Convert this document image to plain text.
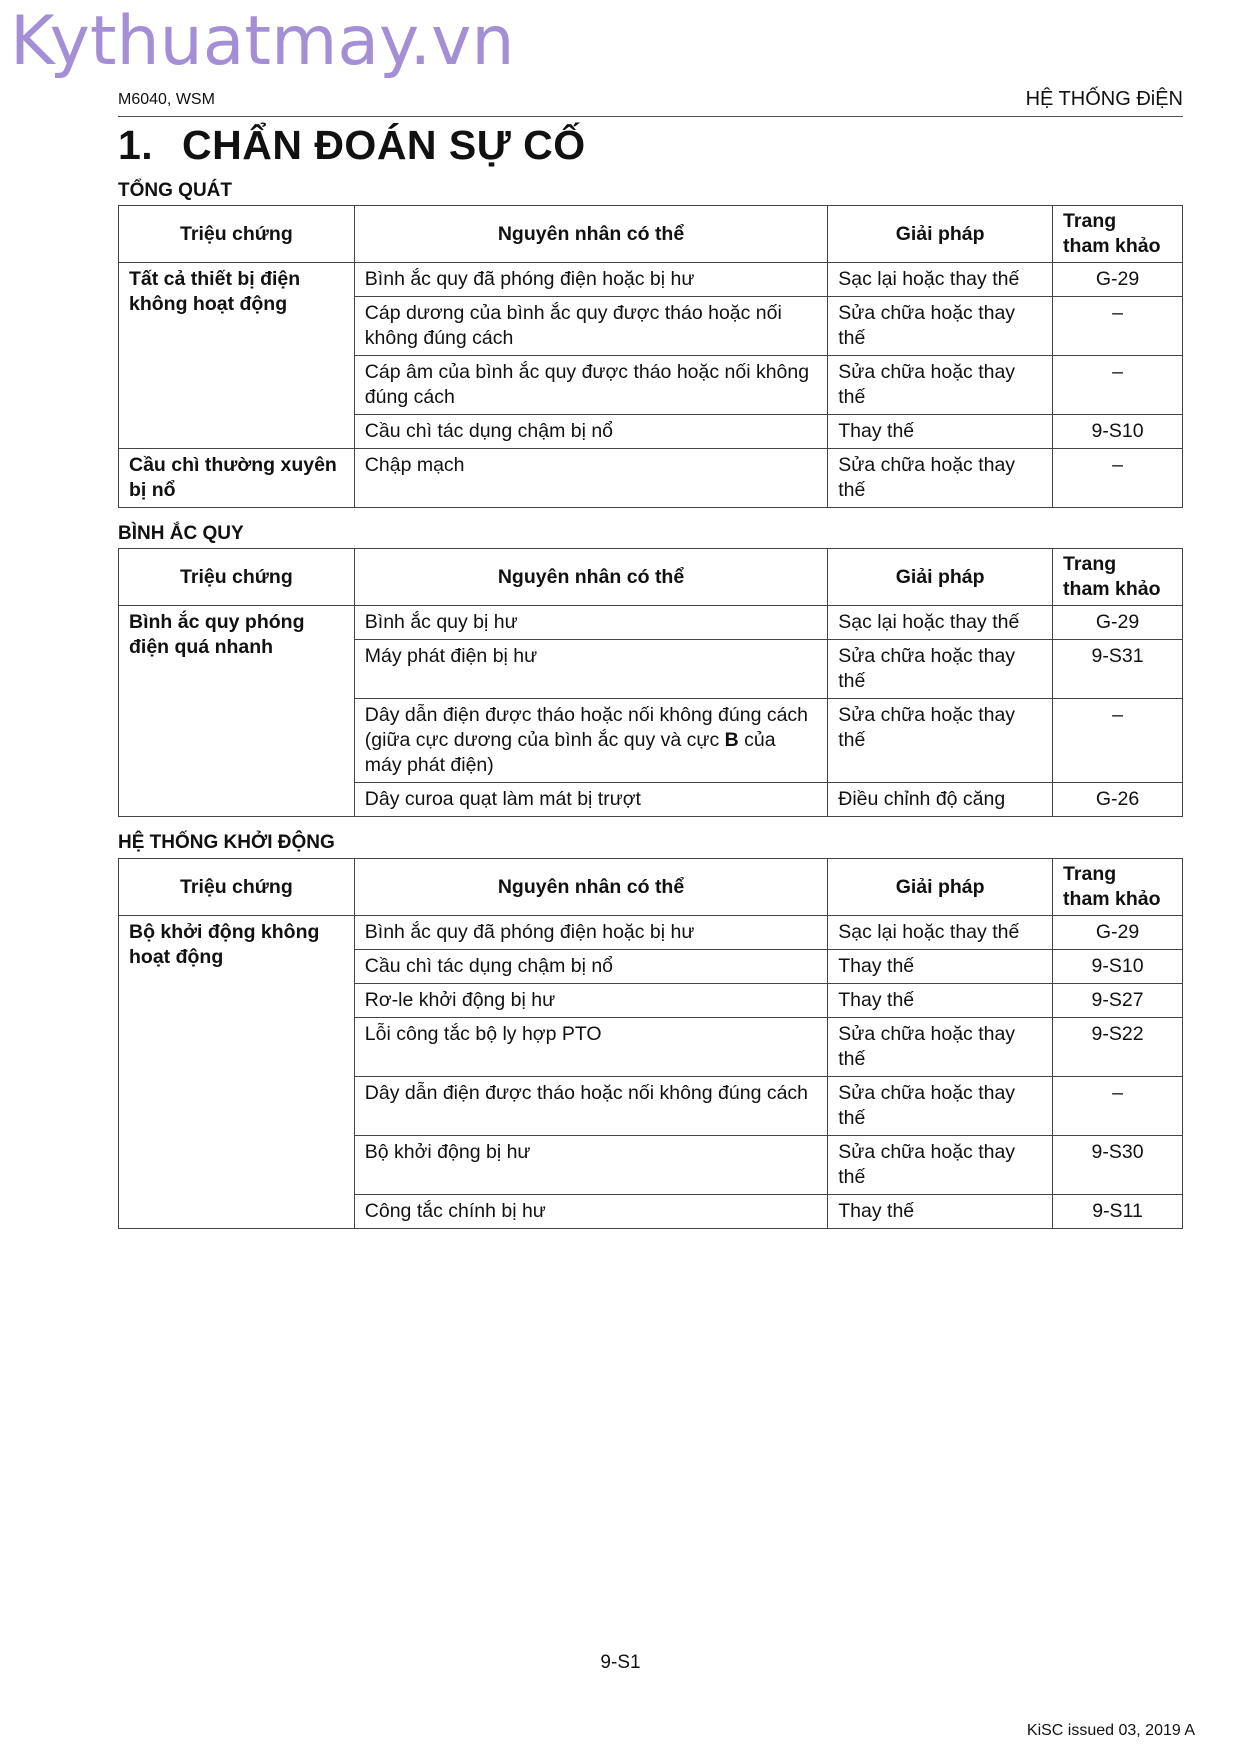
Kythuatmay.vn
M6040, WSM	HỆ THỐNG ĐiỆN
1. CHẨN ĐOÁN SỰ CỐ
TỔNG QUÁT
Triệu chứng	Nguyên nhân có thể	Giải pháp	Trang
tham khảo
Tất cả thiết bị điện không hoạt động	Bình ắc quy đã phóng điện hoặc bị hư	Sạc lại hoặc thay thế	G-29
	Cáp dương của bình ắc quy được tháo hoặc nối không đúng cách	Sửa chữa hoặc thay thế	–
	Cáp âm của bình ắc quy được tháo hoặc nối không đúng cách	Sửa chữa hoặc thay thế	–
	Cầu chì tác dụng chậm bị nổ	Thay thế	9-S10
Cầu chì thường xuyên bị nổ	Chập mạch	Sửa chữa hoặc thay thế	–
BÌNH ẮC QUY
Triệu chứng	Nguyên nhân có thể	Giải pháp	Trang
tham khảo
Bình ắc quy phóng điện quá nhanh	Bình ắc quy bị hư	Sạc lại hoặc thay thế	G-29
	Máy phát điện bị hư	Sửa chữa hoặc thay thế	9-S31
	Dây dẫn điện được tháo hoặc nối không đúng cách (giữa cực dương của bình ắc quy và cực B của máy phát điện)	Sửa chữa hoặc thay thế	–
	Dây curoa quạt làm mát bị trượt	Điều chỉnh độ căng	G-26
HỆ THỐNG KHỞI ĐỘNG
Triệu chứng	Nguyên nhân có thể	Giải pháp	Trang
tham khảo
Bộ khởi động không hoạt động	Bình ắc quy đã phóng điện hoặc bị hư	Sạc lại hoặc thay thế	G-29
	Cầu chì tác dụng chậm bị nổ	Thay thế	9-S10
	Rơ-le khởi động bị hư	Thay thế	9-S27
	Lỗi công tắc bộ ly hợp PTO	Sửa chữa hoặc thay thế	9-S22
	Dây dẫn điện được tháo hoặc nối không đúng cách	Sửa chữa hoặc thay thế	–
	Bộ khởi động bị hư	Sửa chữa hoặc thay thế	9-S30
	Công tắc chính bị hư	Thay thế	9-S11
9-S1
KiSC issued 03, 2019 A
